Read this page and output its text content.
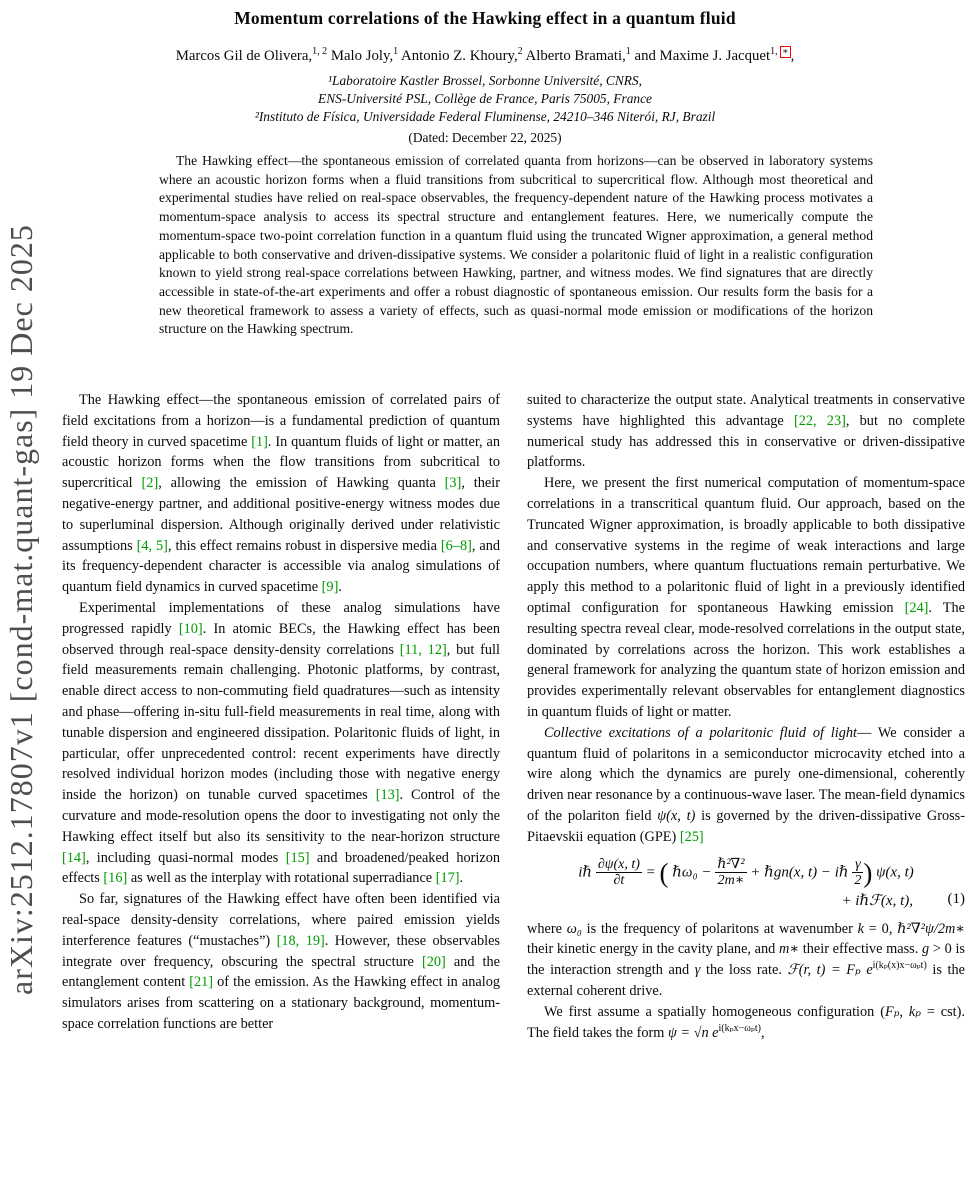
arXiv:2512.17807v1 [cond-mat.quant-gas] 19 Dec 2025
Momentum correlations of the Hawking effect in a quantum fluid
Marcos Gil de Olivera,$^{1, 2}$ Malo Joly,$^1$ Antonio Z. Khoury,$^2$ Alberto Bramati,$^1$ and Maxime J. Jacquet$^{1,}$ ∗ ,
¹Laboratoire Kastler Brossel, Sorbonne Université, CNRS,
ENS-Université PSL, Collège de France, Paris 75005, France
²Instituto de Física, Universidade Federal Fluminense, 24210–346 Niterói, RJ, Brazil
(Dated: December 22, 2025)

The Hawking effect—the spontaneous emission of correlated quanta from horizons—can be observed in laboratory systems where an acoustic horizon forms when a fluid transitions from subcritical to supercritical flow. Although most theoretical and experimental studies have relied on real-space observables, the frequency-dependent nature of the Hawking process motivates a momentum-space analysis to access its spectral structure and entanglement features. Here, we numerically compute the momentum-space two-point correlation function in a quantum fluid using the truncated Wigner approximation, a general method applicable to both conservative and driven-dissipative systems. We consider a polaritonic fluid of light in a realistic configuration known to yield strong real-space correlations between Hawking, partner, and witness modes. We find signatures that are directly accessible in state-of-the-art experiments and offer a robust diagnostic of spontaneous emission. Our results form the basis for a new theoretical framework to assess a variety of effects, such as quasi-normal mode emission or modifications of the horizon structure on the Hawking spectrum.

The Hawking effect—the spontaneous emission of correlated pairs of field excitations from a horizon—is a fundamental prediction of quantum field theory in curved spacetime [1]. In quantum fluids of light or matter, an acoustic horizon forms when the flow transitions from subcritical to supercritical [2], allowing the emission of Hawking quanta [3], their negative-energy partner, and additional positive-energy witness modes due to superluminal dispersion. Although originally derived under relativistic assumptions [4, 5], this effect remains robust in dispersive media [6–8], and its frequency-dependent character is accessible via analog simulations of quantum field dynamics in curved spacetime [9].

Experimental implementations of these analog simulations have progressed rapidly [10]. In atomic BECs, the Hawking effect has been observed through real-space density-density correlations [11, 12], but full field measurements remain challenging. Photonic platforms, by contrast, enable direct access to non-commuting field quadratures—such as intensity and phase—offering in-situ full-field measurements in real time, along with tunable dispersion and engineered dissipation. Polaritonic fluids of light, in particular, offer unprecedented control: recent experiments have directly resolved individual horizon modes (including those with negative energy inside the horizon) on tunable curved spacetimes [13]. Control of the curvature and mode-resolution opens the door to investigating not only the Hawking effect itself but also its sensitivity to the near-horizon structure [14], including quasi-normal modes [15] and broadened/peaked horizon effects [16] as well as the interplay with rotational superradiance [17].

So far, signatures of the Hawking effect have often been identified via real-space density-density correlations, where paired emission yields interference features (“mustaches”) [18, 19]. However, these observables integrate over frequency, obscuring the spectral structure [20] and the entanglement content [21] of the emission. As the Hawking effect in analog simulators arises from scattering on a stationary background, momentum-space correlation functions are better

suited to characterize the output state. Analytical treatments in conservative systems have highlighted this advantage [22, 23], but no complete numerical study has addressed this in conservative or driven-dissipative platforms.

Here, we present the first numerical computation of momentum-space correlations in a transcritical quantum fluid. Our approach, based on the Truncated Wigner approximation, is broadly applicable to both dissipative and conservative systems in the regime of weak interactions and large occupation numbers, where quantum fluctuations remain perturbative. We apply this method to a polaritonic fluid of light in a previously identified optimal configuration for spontaneous Hawking emission [24]. The resulting spectra reveal clear, mode-resolved correlations in the output state, dominated by correlations across the horizon. This work establishes a general framework for analyzing the quantum state of horizon emission and provides experimentally relevant observables for entanglement diagnostics in quantum fluids of light or matter.

Collective excitations of a polaritonic fluid of light— We consider a quantum fluid of polaritons in a semiconductor microcavity etched into a wire along which the dynamics are purely one-dimensional, coherently driven near resonance by a continuous-wave laser. The mean-field dynamics of the polariton field ψ(x, t) is governed by the driven-dissipative Gross-Pitaevskii equation (GPE) [25]

iℏ $\frac{\partial\psi(x, t)}{\partial t}$ = ( ℏω₀ − $\frac{\text{ℏ²∇²}}{2m∗}$ + ℏgn(x, t) − iℏ $\frac{\gamma}{2}$ ) ψ(x, t)
+ iℏℱ(x, t),	(1)

where ω₀ is the frequency of polaritons at wavenumber k = 0, ℏ²∇²ψ/2m∗ their kinetic energy in the cavity plane, and m∗ their effective mass. g > 0 is the interaction strength and γ the loss rate. ℱ(r, t) = Fₚ $e^{i(k_p(x)x-\omega_pt)}$ is the external coherent drive.

We first assume a spatially homogeneous configuration (Fₚ, kₚ = cst). The field takes the form ψ = √n $e^{i(k_px-\omega_pt)}$,
